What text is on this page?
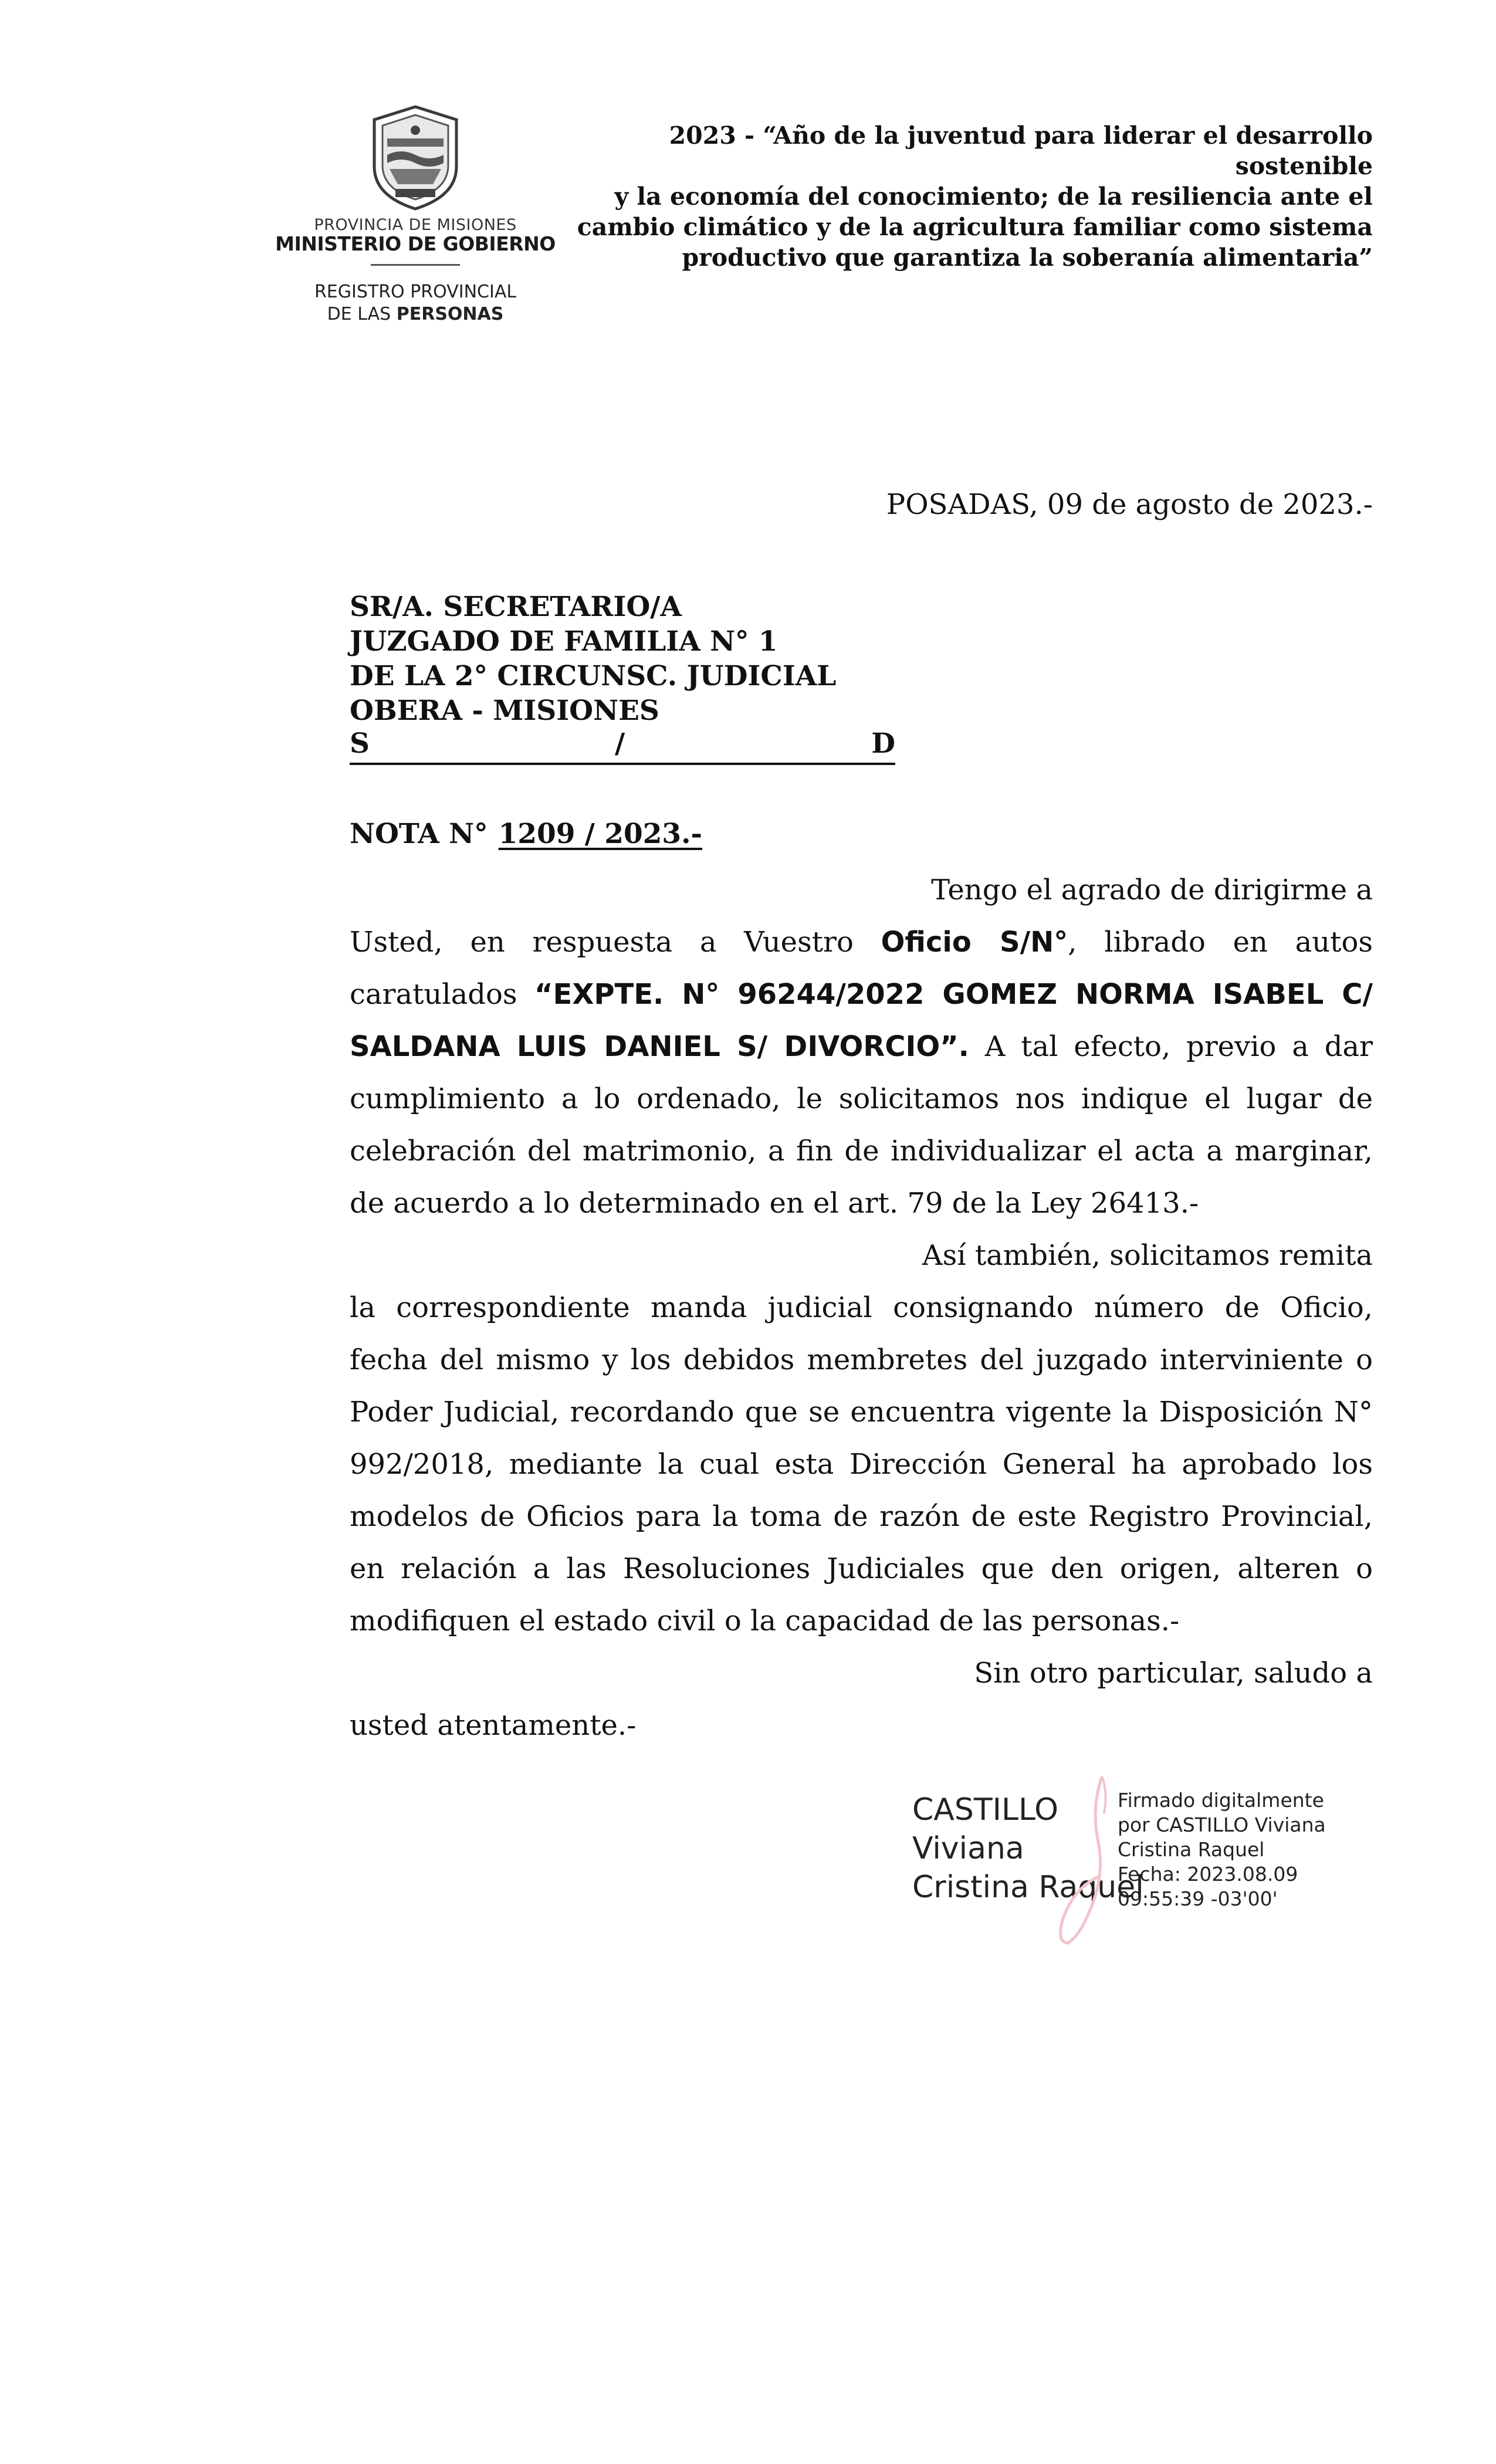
PROVINCIA DE MISIONES
MINISTERIO DE GOBIERNO
REGISTRO PROVINCIAL
DE LAS PERSONAS
2023 - “Año de la juventud para liderar el desarrollo sostenible
y la economía del conocimiento; de la resiliencia ante el
cambio climático y de la agricultura familiar como sistema
productivo que garantiza la soberanía alimentaria”
POSADAS, 09 de agosto de 2023.-
SR/A. SECRETARIO/A
JUZGADO DE FAMILIA N° 1
DE LA 2° CIRCUNSC. JUDICIAL
OBERA - MISIONES
S	/	D
NOTA N° 1209 / 2023.-
Tengo el agrado de dirigirme a
Usted, en respuesta a Vuestro Oficio S/N°, librado en autos
caratulados “EXPTE. N° 96244/2022 GOMEZ NORMA ISABEL C/
SALDANA LUIS DANIEL S/ DIVORCIO”. A tal efecto, previo a dar
cumplimiento a lo ordenado, le solicitamos nos indique el lugar de
celebración del matrimonio, a fin de individualizar el acta a marginar,
de acuerdo a lo determinado en el art. 79 de la Ley 26413.-
Así también, solicitamos remita
la correspondiente manda judicial consignando número de Oficio,
fecha del mismo y los debidos membretes del juzgado interviniente o
Poder Judicial, recordando que se encuentra vigente la Disposición N°
992/2018, mediante la cual esta Dirección General ha aprobado los
modelos de Oficios para la toma de razón de este Registro Provincial,
en relación a las Resoluciones Judiciales que den origen, alteren o
modifiquen el estado civil o la capacidad de las personas.-
Sin otro particular, saludo a
usted atentamente.-
CASTILLO
Viviana
Cristina Raquel
Firmado digitalmente
por CASTILLO Viviana
Cristina Raquel
Fecha: 2023.08.09
09:55:39 -03'00'
